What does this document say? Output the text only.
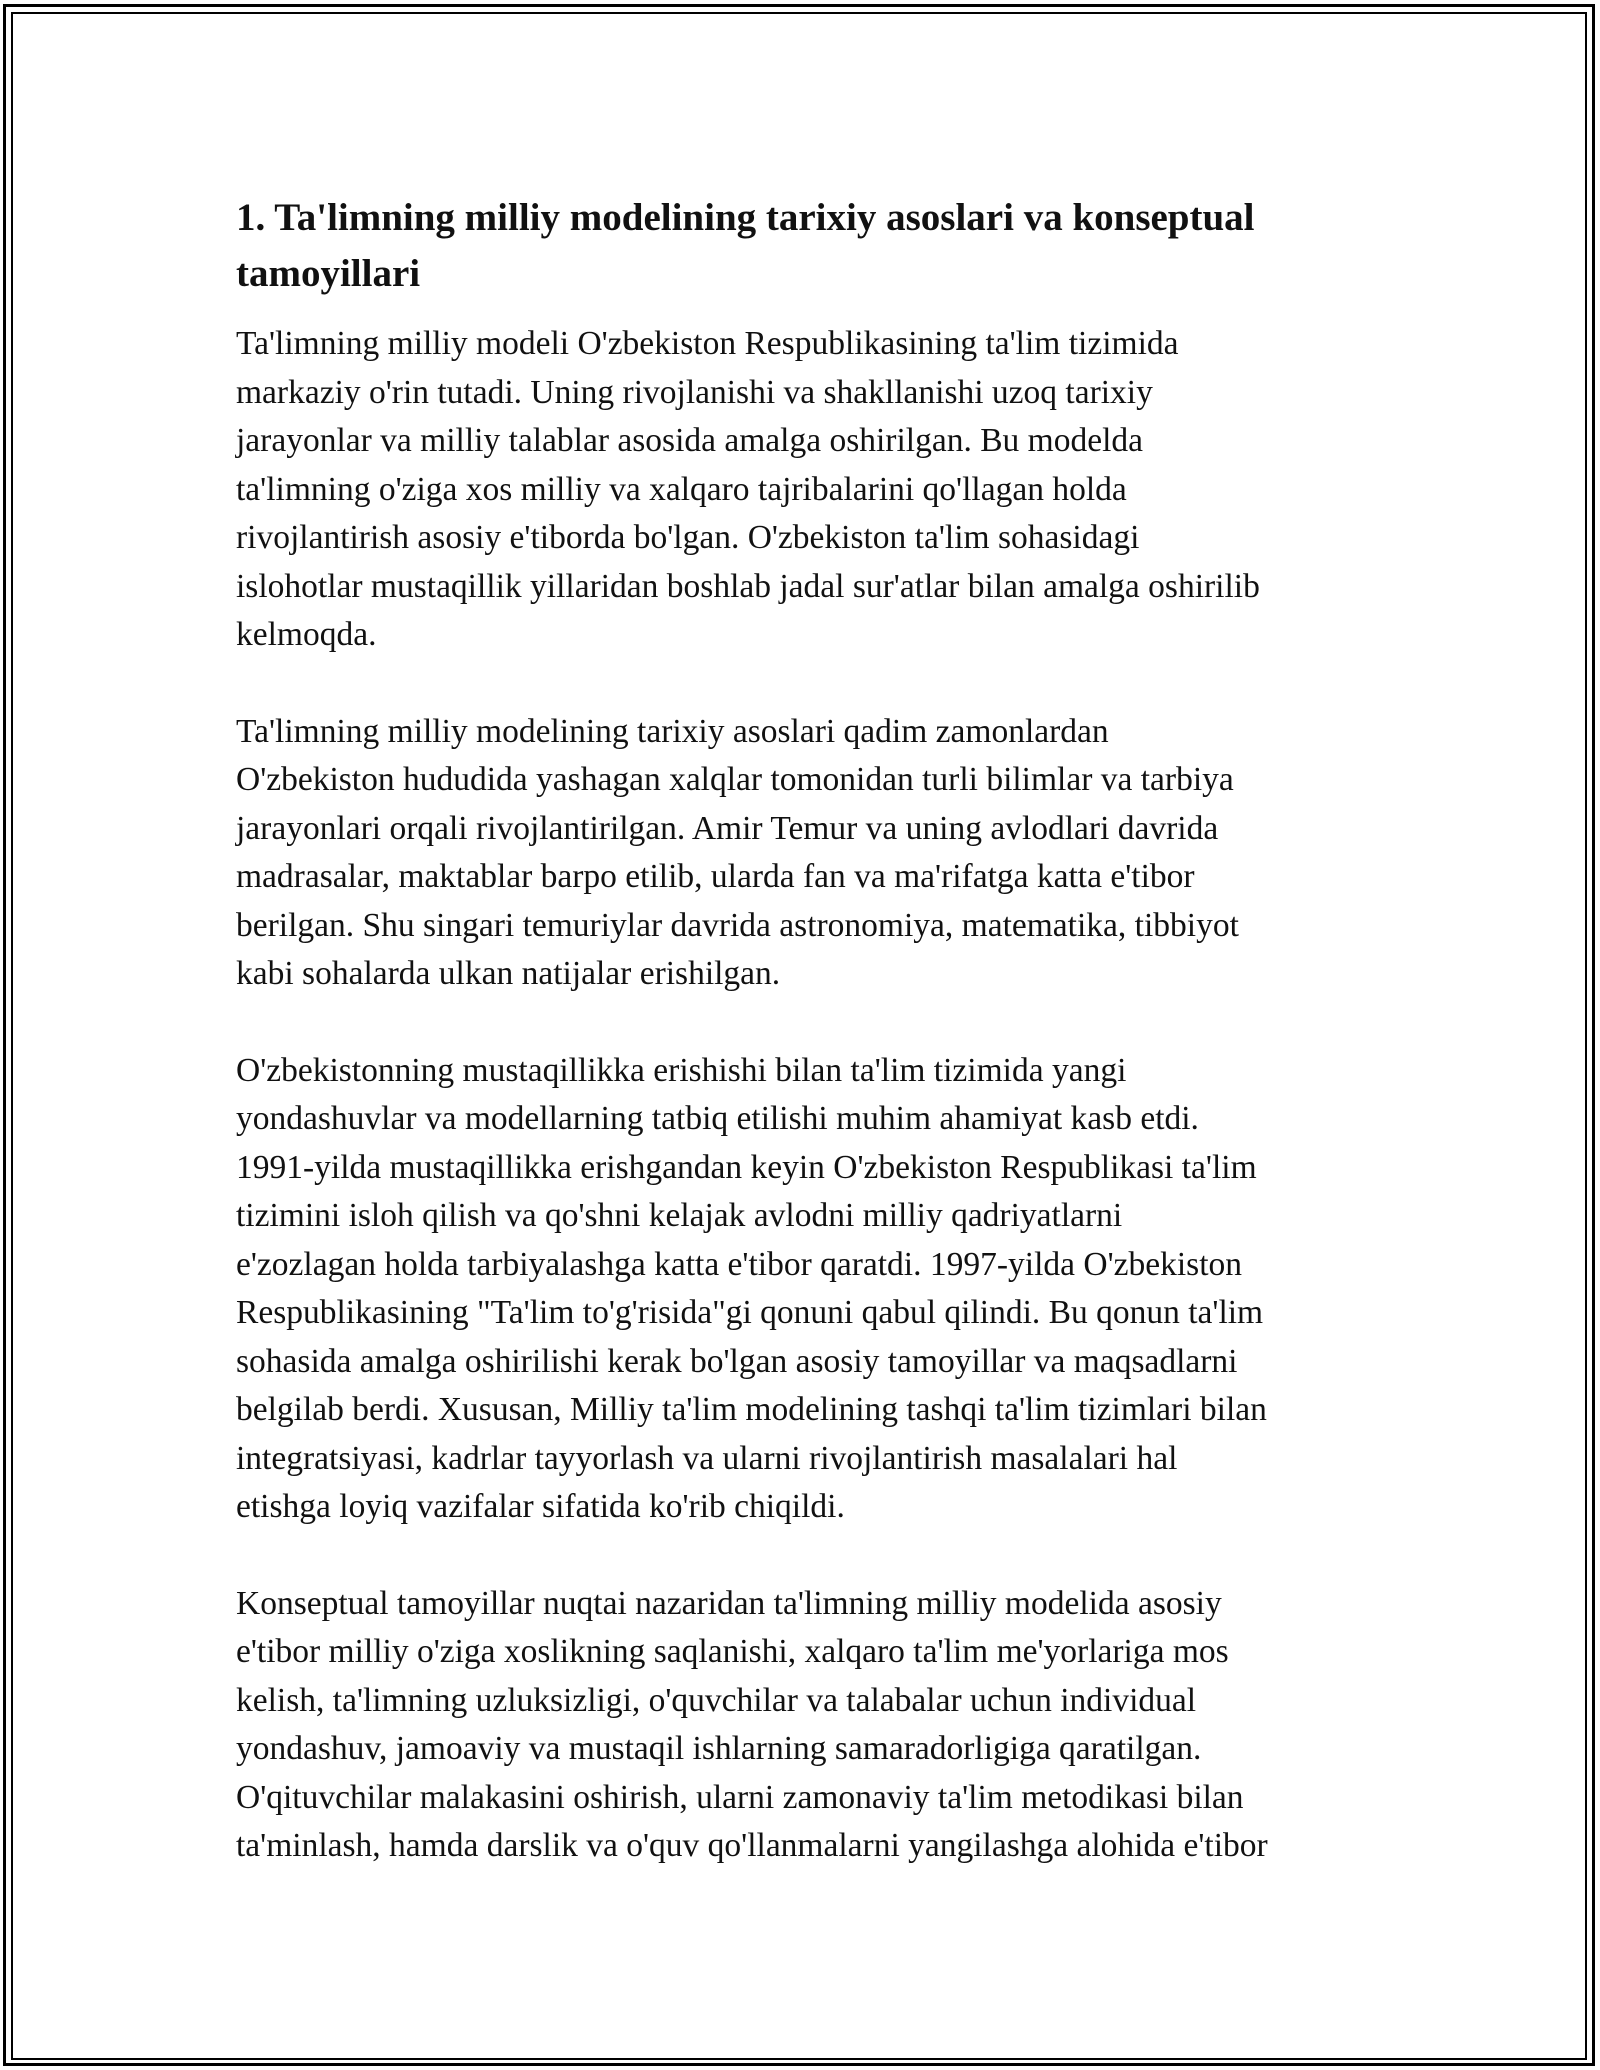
1. Ta'limning milliy modelining tarixiy asoslari va konseptual
tamoyillari

Ta'limning milliy modeli O'zbekiston Respublikasining ta'lim tizimida
markaziy o'rin tutadi. Uning rivojlanishi va shakllanishi uzoq tarixiy
jarayonlar va milliy talablar asosida amalga oshirilgan. Bu modelda
ta'limning o'ziga xos milliy va xalqaro tajribalarini qo'llagan holda
rivojlantirish asosiy e'tiborda bo'lgan. O'zbekiston ta'lim sohasidagi
islohotlar mustaqillik yillaridan boshlab jadal sur'atlar bilan amalga oshirilib
kelmoqda.

Ta'limning milliy modelining tarixiy asoslari qadim zamonlardan
O'zbekiston hududida yashagan xalqlar tomonidan turli bilimlar va tarbiya
jarayonlari orqali rivojlantirilgan. Amir Temur va uning avlodlari davrida
madrasalar, maktablar barpo etilib, ularda fan va ma'rifatga katta e'tibor
berilgan. Shu singari temuriylar davrida astronomiya, matematika, tibbiyot
kabi sohalarda ulkan natijalar erishilgan.

O'zbekistonning mustaqillikka erishishi bilan ta'lim tizimida yangi
yondashuvlar va modellarning tatbiq etilishi muhim ahamiyat kasb etdi.
1991-yilda mustaqillikka erishgandan keyin O'zbekiston Respublikasi ta'lim
tizimini isloh qilish va qo'shni kelajak avlodni milliy qadriyatlarni
e'zozlagan holda tarbiyalashga katta e'tibor qaratdi. 1997-yilda O'zbekiston
Respublikasining "Ta'lim to'g'risida"gi qonuni qabul qilindi. Bu qonun ta'lim
sohasida amalga oshirilishi kerak bo'lgan asosiy tamoyillar va maqsadlarni
belgilab berdi. Xususan, Milliy ta'lim modelining tashqi ta'lim tizimlari bilan
integratsiyasi, kadrlar tayyorlash va ularni rivojlantirish masalalari hal
etishga loyiq vazifalar sifatida ko'rib chiqildi.

Konseptual tamoyillar nuqtai nazaridan ta'limning milliy modelida asosiy
e'tibor milliy o'ziga xoslikning saqlanishi, xalqaro ta'lim me'yorlariga mos
kelish, ta'limning uzluksizligi, o'quvchilar va talabalar uchun individual
yondashuv, jamoaviy va mustaqil ishlarning samaradorligiga qaratilgan.
O'qituvchilar malakasini oshirish, ularni zamonaviy ta'lim metodikasi bilan
ta'minlash, hamda darslik va o'quv qo'llanmalarni yangilashga alohida e'tibor
